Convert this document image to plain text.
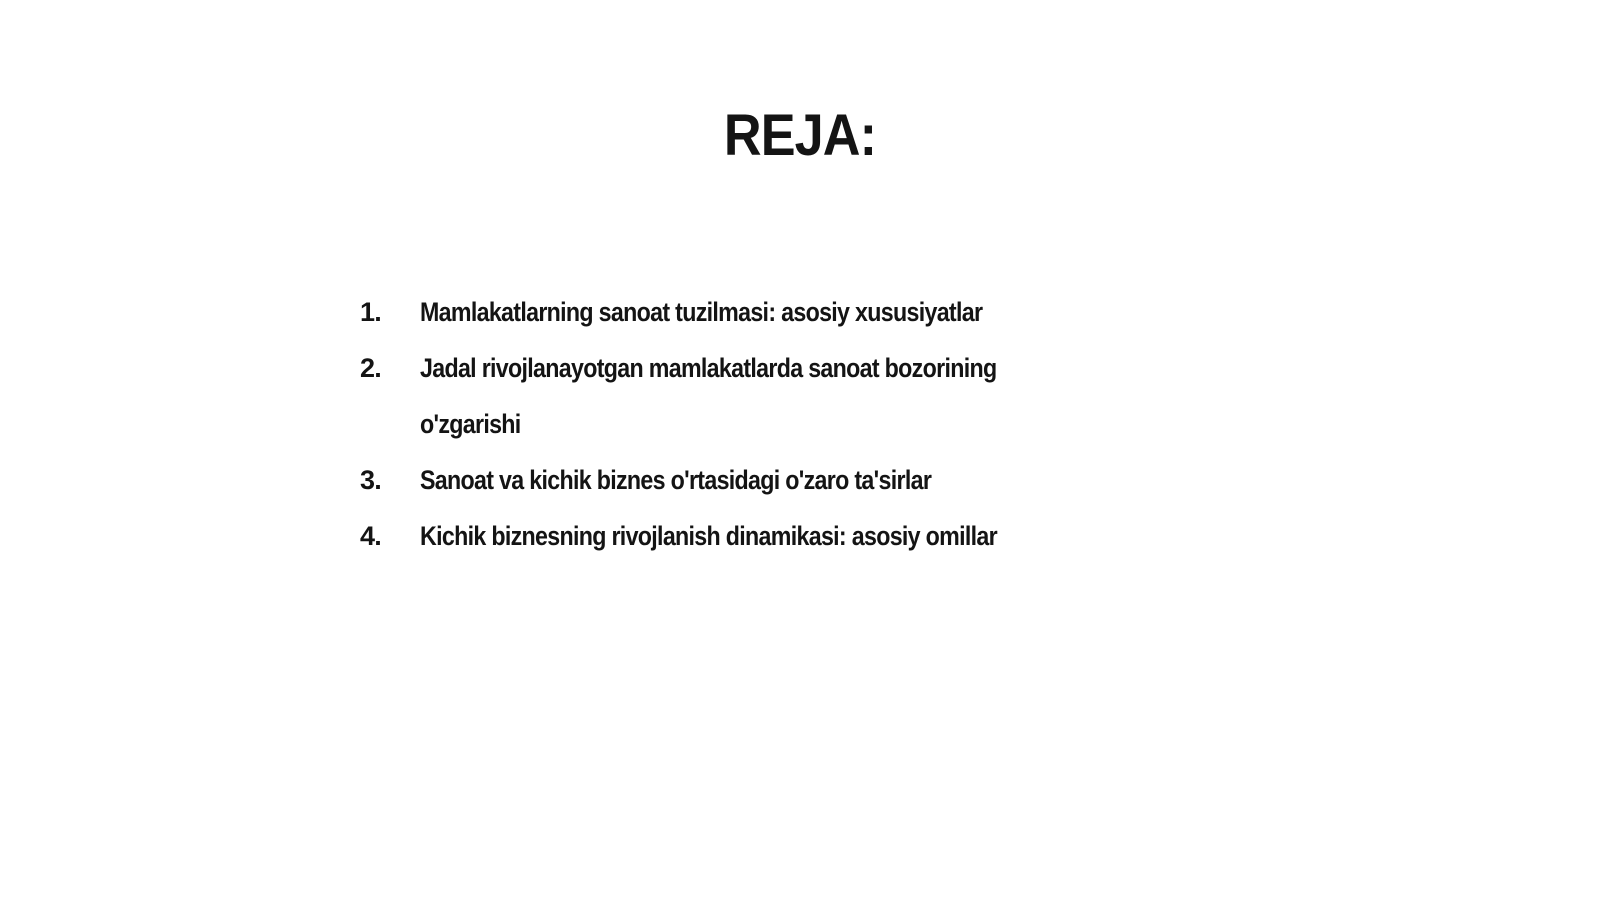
REJA:
1.	Mamlakatlarning sanoat tuzilmasi: asosiy xususiyatlar
2.	Jadal rivojlanayotgan mamlakatlarda sanoat bozorining
o'zgarishi
3.	Sanoat va kichik biznes o'rtasidagi o'zaro ta'sirlar
4.	Kichik biznesning rivojlanish dinamikasi: asosiy omillar
